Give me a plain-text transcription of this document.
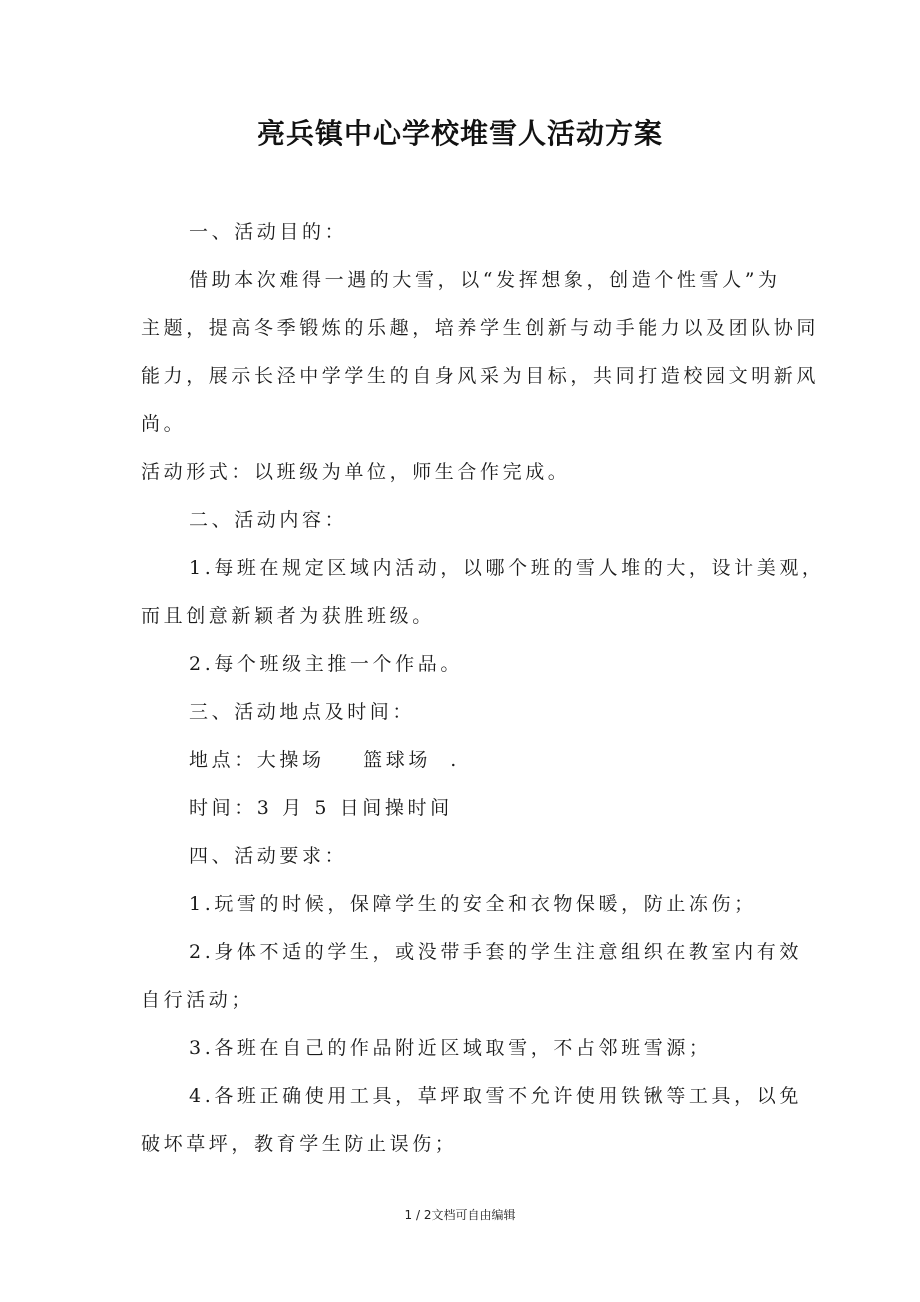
亮兵镇中心学校堆雪人活动方案
一、活动目的：
借助本次难得一遇的大雪，以“发挥想象，创造个性雪人”为
主题，提高冬季锻炼的乐趣，培养学生创新与动手能力以及团队协同
能力，展示长泾中学学生的自身风采为目标，共同打造校园文明新风
尚。
活动形式：以班级为单位，师生合作完成。
二、活动内容：
1.每班在规定区域内活动，以哪个班的雪人堆的大，设计美观，
而且创意新颖者为获胜班级。
2.每个班级主推一个作品。
三、活动地点及时间：
地点：大操场    篮球场  .
时间：3 月 5 日间操时间
四、活动要求：
1.玩雪的时候，保障学生的安全和衣物保暖，防止冻伤；
2.身体不适的学生，或没带手套的学生注意组织在教室内有效
自行活动；
3.各班在自己的作品附近区域取雪，不占邻班雪源；
4.各班正确使用工具，草坪取雪不允许使用铁锹等工具，以免
破坏草坪，教育学生防止误伤；
1 / 2文档可自由编辑
